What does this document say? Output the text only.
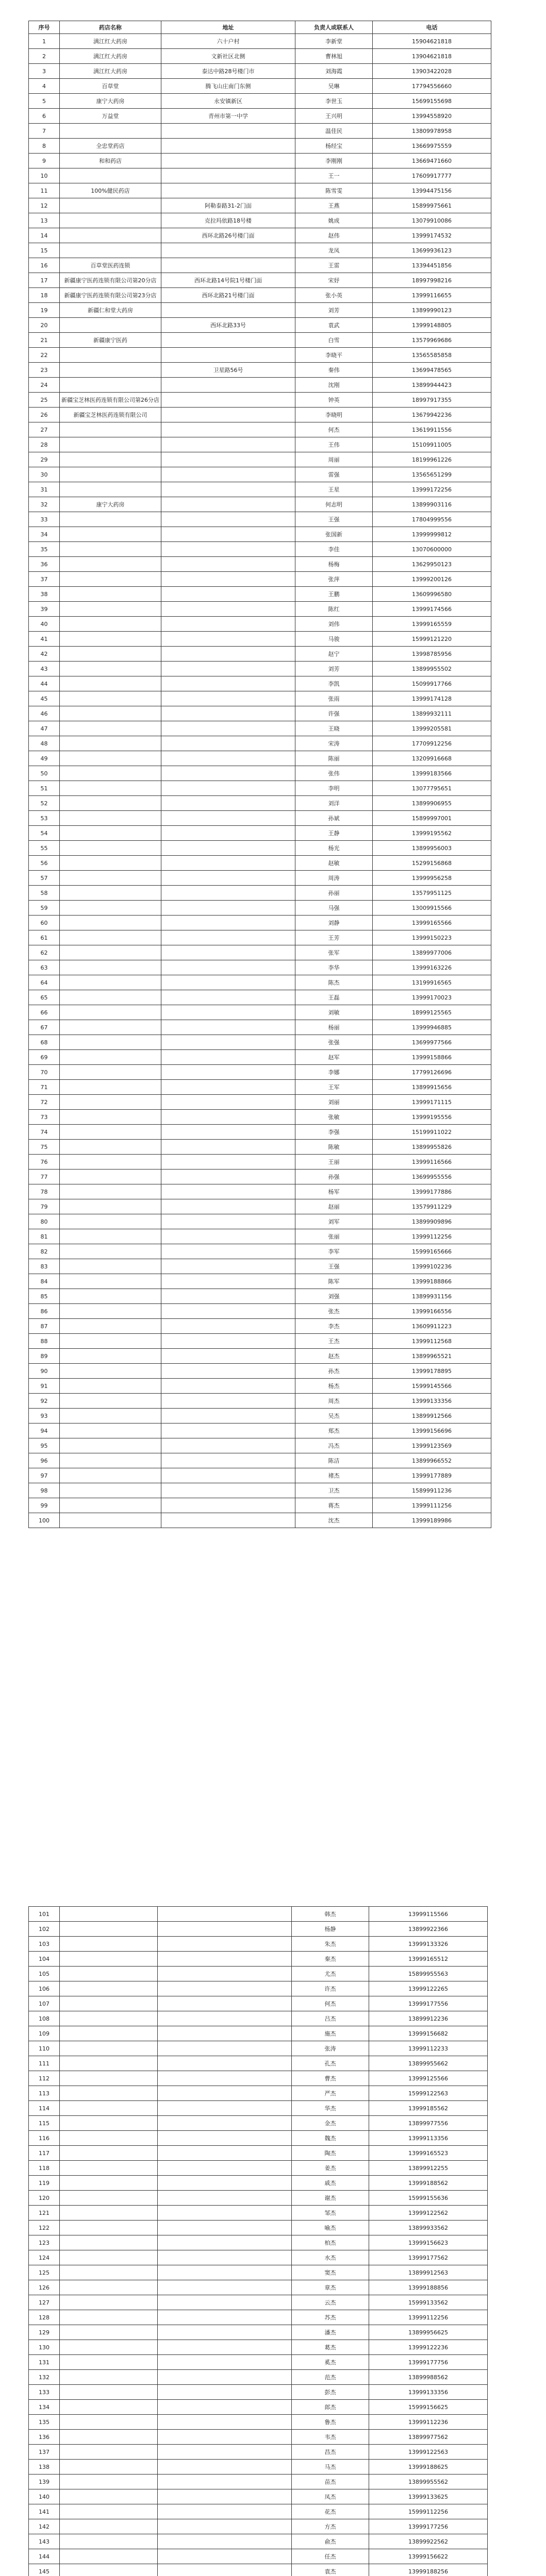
序号	药店名称	地址	负责人或联系人	电话
1	满江红大药房	六十户村	李新堂	15904621818
2	满江红大药房	文新社区北侧	曹林旭	13904621818
3	满江红大药房	泰达中路28号楼门市	刘海霞	13903422028
4	百草堂	腾飞山庄南门东侧	吴琳	17794556660
5	康宁大药房	永安镇新区	李世玉	15699155698
6	万益堂	青州市第一中学	王兴明	13994558920
7			温佳民	13809978958
8	全忠堂药店		杨经宝	13669975559
9	和和药店		李刚刚	13669471660
10			王一	17609917777
11	100%健民药店		陈雪雯	13994475156
12		阿勒泰路31-2门面	王燕	15899975661
13		克拉玛依路18号楼	姚成	13079910086
14		西环北路26号楼门面	赵伟	13999174532
15			龙凤	13699936123
16	百草堂医药连锁		王雷	13394451856
17	新疆康宁医药连锁有限公司第20分店	西环北路14号院1号楼门面	宋妤	18997998216
18	新疆康宁医药连锁有限公司第23分店	西环北路21号楼门面	张小英	13999116655
19	新疆仁和堂大药房		刘芳	13899990123
20		西环北路33号	袁武	13999148805
21	新疆康宁医药		白雪	13579969686
22			李晓平	13565585858
23		卫星路56号	秦伟	13699478565
24			沈刚	13899944423
25	新疆宝芝林医药连锁有限公司第26分店		钟英	18997917355
26	新疆宝芝林医药连锁有限公司		李晓明	13679942236
27			何杰	13619911556
28			王伟	15109911005
29			周丽	18199961226
30			雷强	13565651299
31			王星	13999172256
32	康宁大药房		何志明	13899903116
33			王强	17804999556
34			张国新	13999999812
35			李佳	13070600000
36			杨梅	13629950123
37			张萍	13999200126
38			王鹏	13609996580
39			陈红	13999174566
40			刘伟	13999165559
41			马骏	15999121220
42			赵宁	13998785956
43			刘芳	13899955502
44			李凯	15099917766
45			张雨	13999174128
46			许强	13899932111
47			王晓	13999205581
48			宋涛	17709912256
49			陈丽	13209916668
50			张伟	13999183566
51			李明	13077795651
52			刘洋	13899906955
53			孙斌	15899997001
54			王静	13999195562
55			杨光	13899956003
56			赵敏	15299156868
57			周涛	13999956258
58			孙丽	13579951125
59			马强	13009915566
60			刘静	13999165566
61			王芳	13999150223
62			张军	13899977006
63			李华	13999163226
64			陈杰	13199916565
65			王磊	13999170023
66			刘敏	18999125565
67			杨丽	13999946885
68			张强	13699977566
69			赵军	13999158866
70			李娜	17799126696
71			王军	13899915656
72			刘丽	13999171115
73			张敏	13999195556
74			李强	15199911022
75			陈敏	13899955826
76			王丽	13999116566
77			孙强	13699955556
78			杨军	13999177886
79			赵丽	13579911229
80			刘军	13899909896
81			张丽	13999112256
82			李军	15999165666
83			王强	13999102236
84			陈军	13999188866
85			刘强	13899931156
86			张杰	13999166556
87			李杰	13609911223
88			王杰	13999112568
89			赵杰	13899965521
90			孙杰	13999178895
91			杨杰	15999145566
92			周杰	13999133356
93			吴杰	13899912566
94			郑杰	13999156696
95			冯杰	13999123569
96			陈洁	13899966552
97			褚杰	13999177889
98			卫杰	15899911236
99			蒋杰	13999111256
100			沈杰	13999189986
101			韩杰	13999115566
102			杨静	13899922366
103			朱杰	13999133326
104			秦杰	13999165512
105			尤杰	15899955563
106			许杰	13999122265
107			何杰	13999177556
108			吕杰	13899912236
109			施杰	13999156682
110			张涛	13999112233
111			孔杰	13899955662
112			曹杰	13999125566
113			严杰	15999122563
114			华杰	13999185562
115			金杰	13899977556
116			魏杰	13999113356
117			陶杰	13999165523
118			姜杰	13899912255
119			戚杰	13999188562
120			谢杰	15999155636
121			邹杰	13999122562
122			喻杰	13899933562
123			柏杰	13999156623
124			水杰	13999177562
125			窦杰	13899912563
126			章杰	13999188856
127			云杰	15999133562
128			苏杰	13999112256
129			潘杰	13899956625
130			葛杰	13999122236
131			奚杰	13999177756
132			范杰	13899988562
133			彭杰	13999133356
134			郎杰	15999156625
135			鲁杰	13999112236
136			韦杰	13899977562
137			昌杰	13999122563
138			马杰	13999188625
139			苗杰	13899955562
140			凤杰	13999133625
141			花杰	15999112256
142			方杰	13999177256
143			俞杰	13899922562
144			任杰	13999156622
145			袁杰	13999188256
